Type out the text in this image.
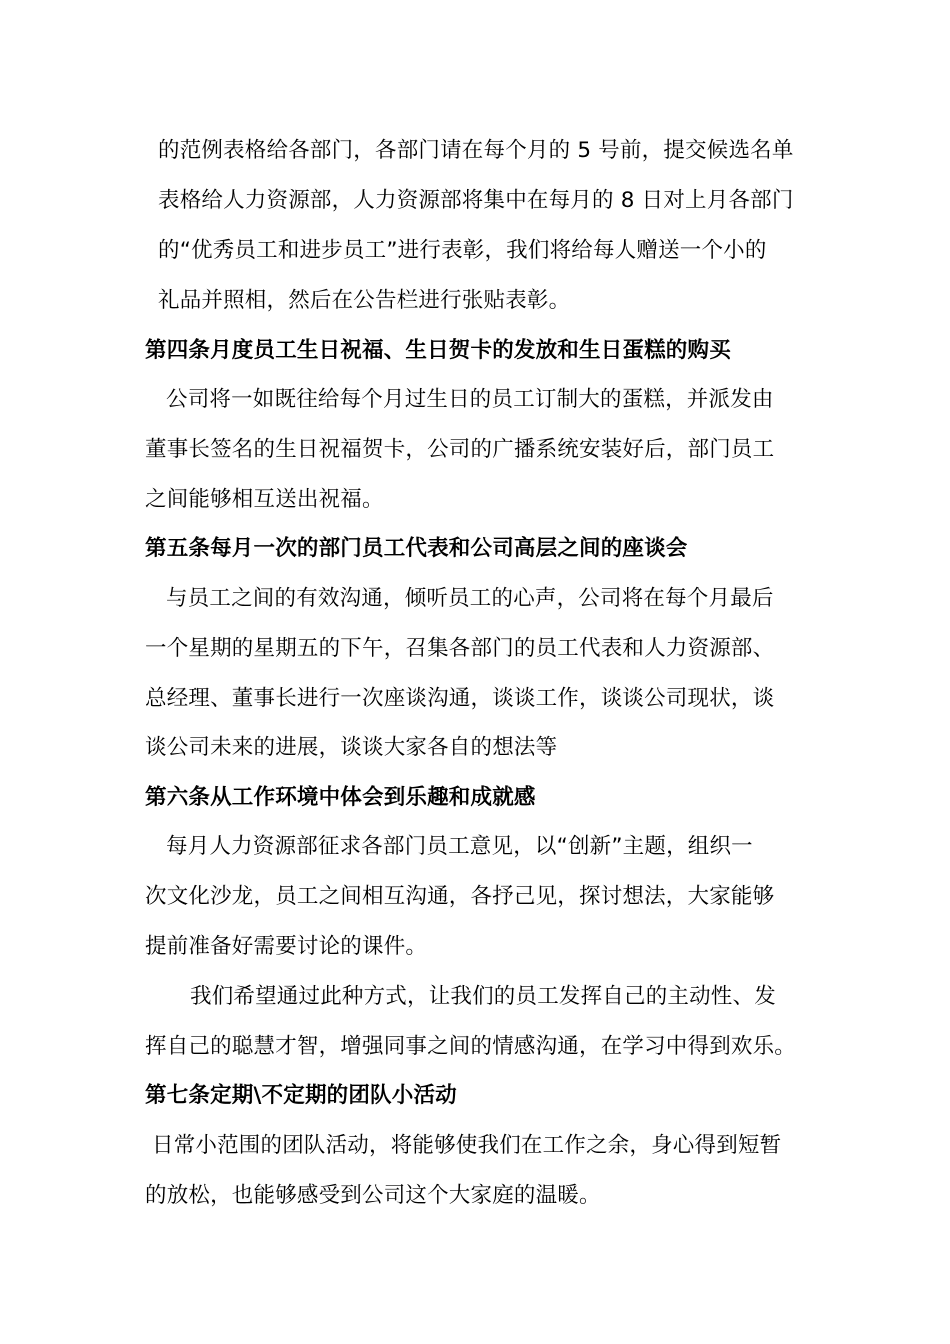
的范例表格给各部门，各部门请在每个月的 5 号前，提交候选名单
表格给人力资源部，人力资源部将集中在每月的 8 日对上月各部门
的“优秀员工和进步员工”进行表彰，我们将给每人赠送一个小的
礼品并照相，然后在公告栏进行张贴表彰。
第四条月度员工生日祝福、生日贺卡的发放和生日蛋糕的购买
公司将一如既往给每个月过生日的员工订制大的蛋糕，并派发由
董事长签名的生日祝福贺卡，公司的广播系统安装好后，部门员工
之间能够相互送出祝福。
第五条每月一次的部门员工代表和公司高层之间的座谈会
与员工之间的有效沟通，倾听员工的心声，公司将在每个月最后
一个星期的星期五的下午，召集各部门的员工代表和人力资源部、
总经理、董事长进行一次座谈沟通，谈谈工作，谈谈公司现状，谈
谈公司未来的进展，谈谈大家各自的想法等
第六条从工作环境中体会到乐趣和成就感
每月人力资源部征求各部门员工意见，以“创新”主题，组织一
次文化沙龙，员工之间相互沟通，各抒己见，探讨想法，大家能够
提前准备好需要讨论的课件。
我们希望通过此种方式，让我们的员工发挥自己的主动性、发
挥自己的聪慧才智，增强同事之间的情感沟通，在学习中得到欢乐。
第七条定期\不定期的团队小活动
日常小范围的团队活动，将能够使我们在工作之余，身心得到短暂
的放松，也能够感受到公司这个大家庭的温暖。
